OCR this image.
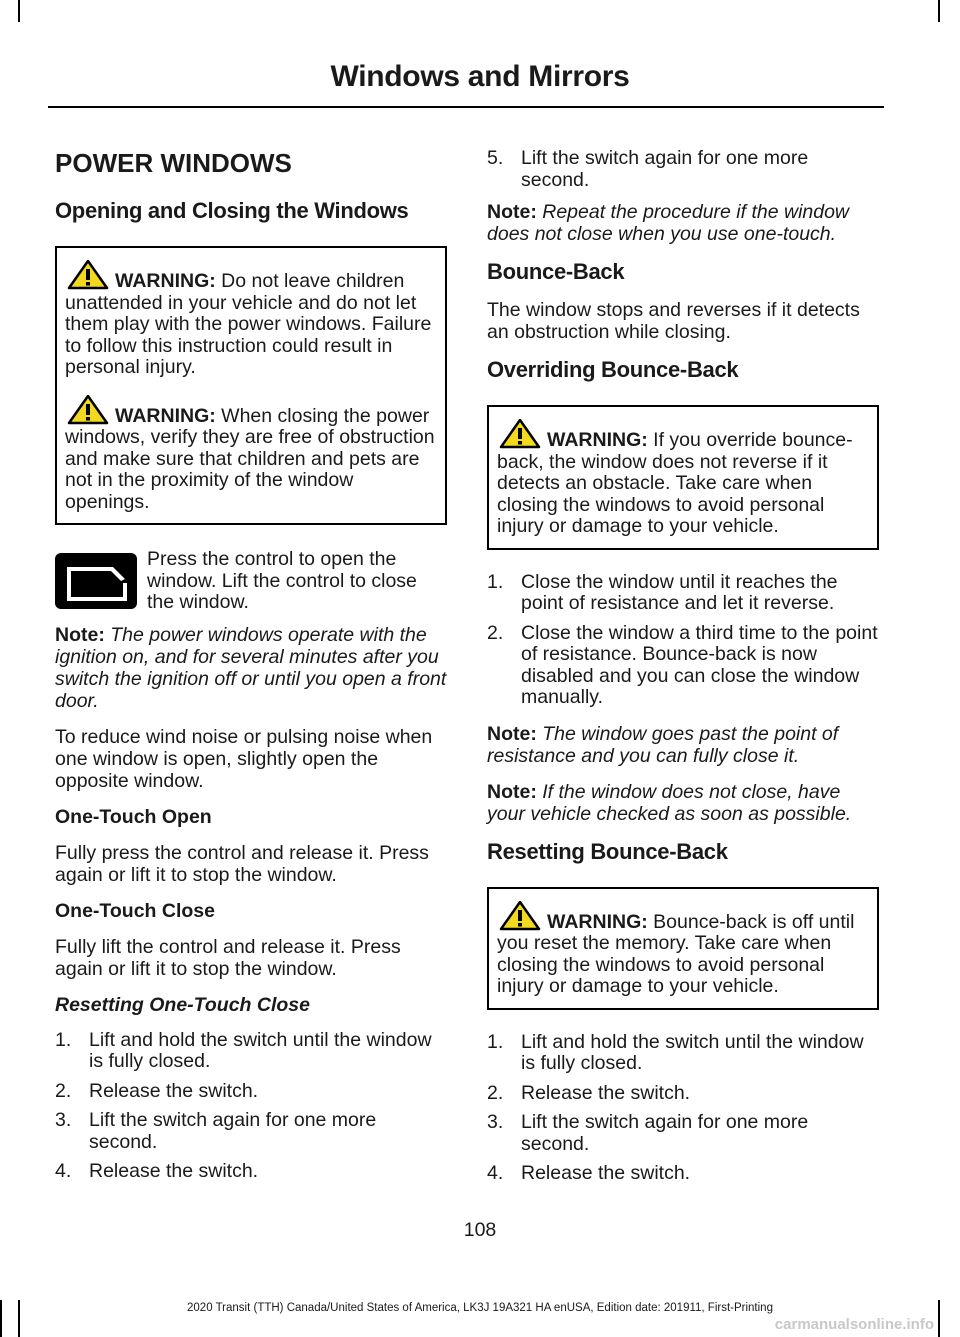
Windows and Mirrors
POWER WINDOWS
Opening and Closing the Windows
WARNING: Do not leave children unattended in your vehicle and do not let them play with the power windows. Failure to follow this instruction could result in personal injury.
WARNING: When closing the power windows, verify they are free of obstruction and make sure that children and pets are not in the proximity of the window openings.
Press the control to open the window. Lift the control to close the window.

Note: The power windows operate with the ignition on, and for several minutes after you switch the ignition off or until you open a front door.

To reduce wind noise or pulsing noise when one window is open, slightly open the opposite window.

One-Touch Open

Fully press the control and release it. Press again or lift it to stop the window.

One-Touch Close

Fully lift the control and release it. Press again or lift it to stop the window.

Resetting One-Touch Close
1. Lift and hold the switch until the window is fully closed.
2. Release the switch.
3. Lift the switch again for one more second.
4. Release the switch.
5. Lift the switch again for one more second.

Note: Repeat the procedure if the window does not close when you use one-touch.

Bounce-Back

The window stops and reverses if it detects an obstruction while closing.

Overriding Bounce-Back
WARNING: If you override bounce-back, the window does not reverse if it detects an obstacle. Take care when closing the windows to avoid personal injury or damage to your vehicle.
1. Close the window until it reaches the point of resistance and let it reverse.
2. Close the window a third time to the point of resistance. Bounce-back is now disabled and you can close the window manually.

Note: The window goes past the point of resistance and you can fully close it.

Note: If the window does not close, have your vehicle checked as soon as possible.

Resetting Bounce-Back
WARNING: Bounce-back is off until you reset the memory. Take care when closing the windows to avoid personal injury or damage to your vehicle.
1. Lift and hold the switch until the window is fully closed.
2. Release the switch.
3. Lift the switch again for one more second.
4. Release the switch.
108
2020 Transit (TTH) Canada/United States of America, LK3J 19A321 HA enUSA, Edition date: 201911, First-Printing
carmanualsonline.info
